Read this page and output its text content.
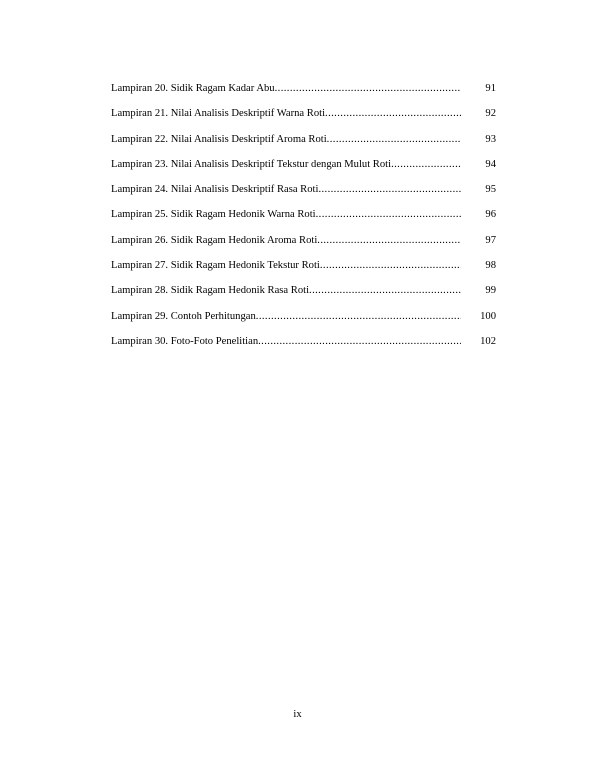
Lampiran 20. Sidik Ragam Kadar Abu .....	91
Lampiran 21. Nilai Analisis Deskriptif Warna Roti .....	92
Lampiran 22. Nilai Analisis Deskriptif Aroma Roti .....	93
Lampiran 23. Nilai Analisis Deskriptif Tekstur dengan Mulut Roti .....	94
Lampiran 24. Nilai Analisis Deskriptif Rasa Roti .....	95
Lampiran 25. Sidik Ragam Hedonik Warna Roti .....	96
Lampiran 26. Sidik Ragam Hedonik Aroma Roti .....	97
Lampiran 27. Sidik Ragam Hedonik Tekstur Roti .....	98
Lampiran 28. Sidik Ragam Hedonik Rasa Roti .....	99
Lampiran 29. Contoh Perhitungan .....	100
Lampiran 30. Foto-Foto Penelitian .....	102
ix
